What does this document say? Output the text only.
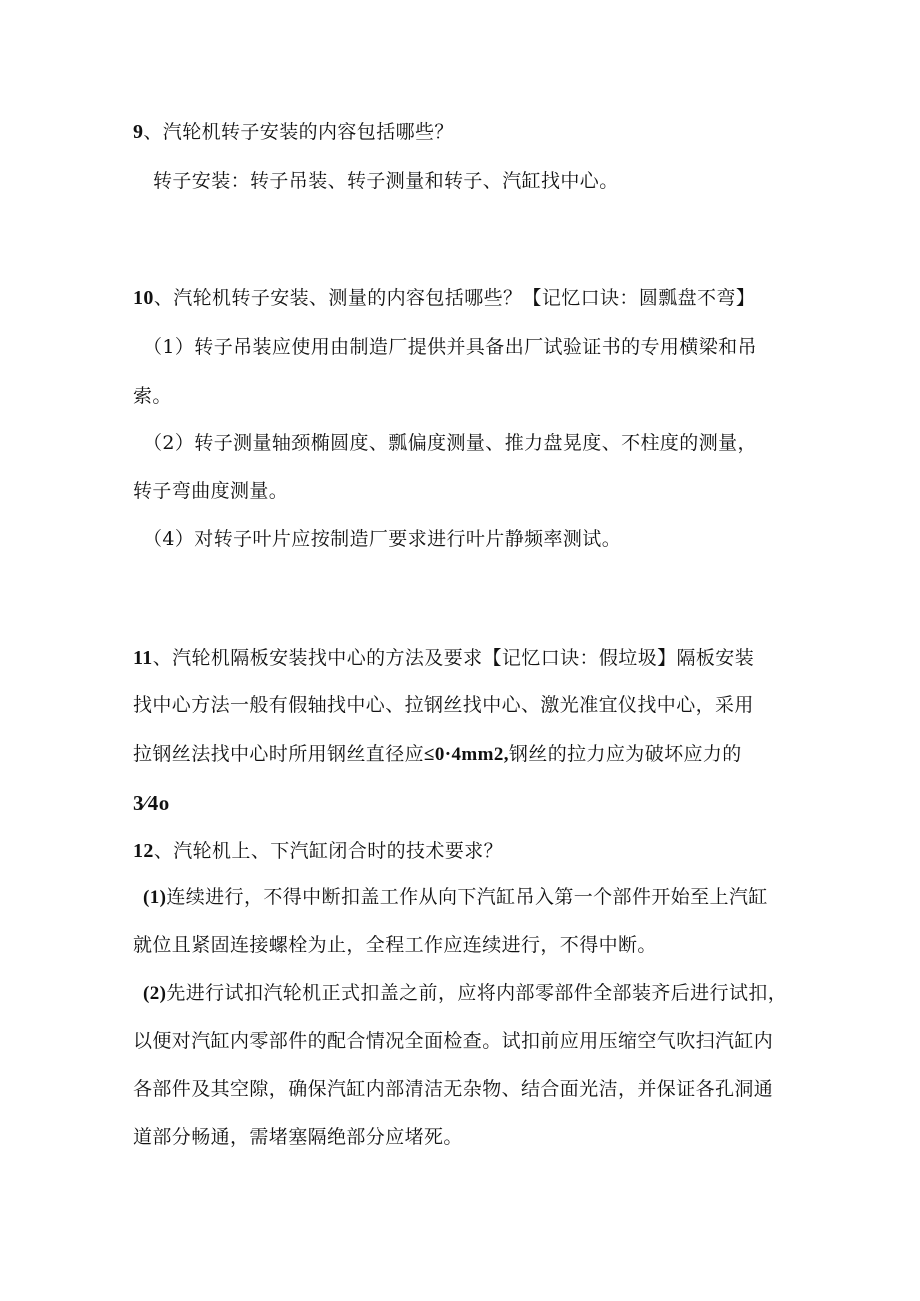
9、汽轮机转子安装的内容包括哪些？
转子安装：转子吊装、转子测量和转子、汽缸找中心。
10、汽轮机转子安装、测量的内容包括哪些？【记忆口诀：圆瓢盘不弯】
（1）转子吊装应使用由制造厂提供并具备出厂试验证书的专用横梁和吊
索。
（2）转子测量轴颈椭圆度、瓢偏度测量、推力盘晃度、不柱度的测量，
转子弯曲度测量。
（4）对转子叶片应按制造厂要求进行叶片静频率测试。
11、汽轮机隔板安装找中心的方法及要求【记忆口诀：假垃圾】隔板安装
找中心方法一般有假轴找中心、拉钢丝找中心、激光准宜仪找中心，采用
拉钢丝法找中心时所用钢丝直径应≤0·4mm2,钢丝的拉力应为破坏应力的
3⁄4o
12、汽轮机上、下汽缸闭合时的技术要求？
(1)连续进行，不得中断扣盖工作从向下汽缸吊入第一个部件开始至上汽缸
就位且紧固连接螺栓为止，全程工作应连续进行，不得中断。
(2)先进行试扣汽轮机正式扣盖之前，应将内部零部件全部装齐后进行试扣，
以便对汽缸内零部件的配合情况全面检查。试扣前应用压缩空气吹扫汽缸内
各部件及其空隙，确保汽缸内部清洁无杂物、结合面光洁，并保证各孔洞通
道部分畅通，需堵塞隔绝部分应堵死。
